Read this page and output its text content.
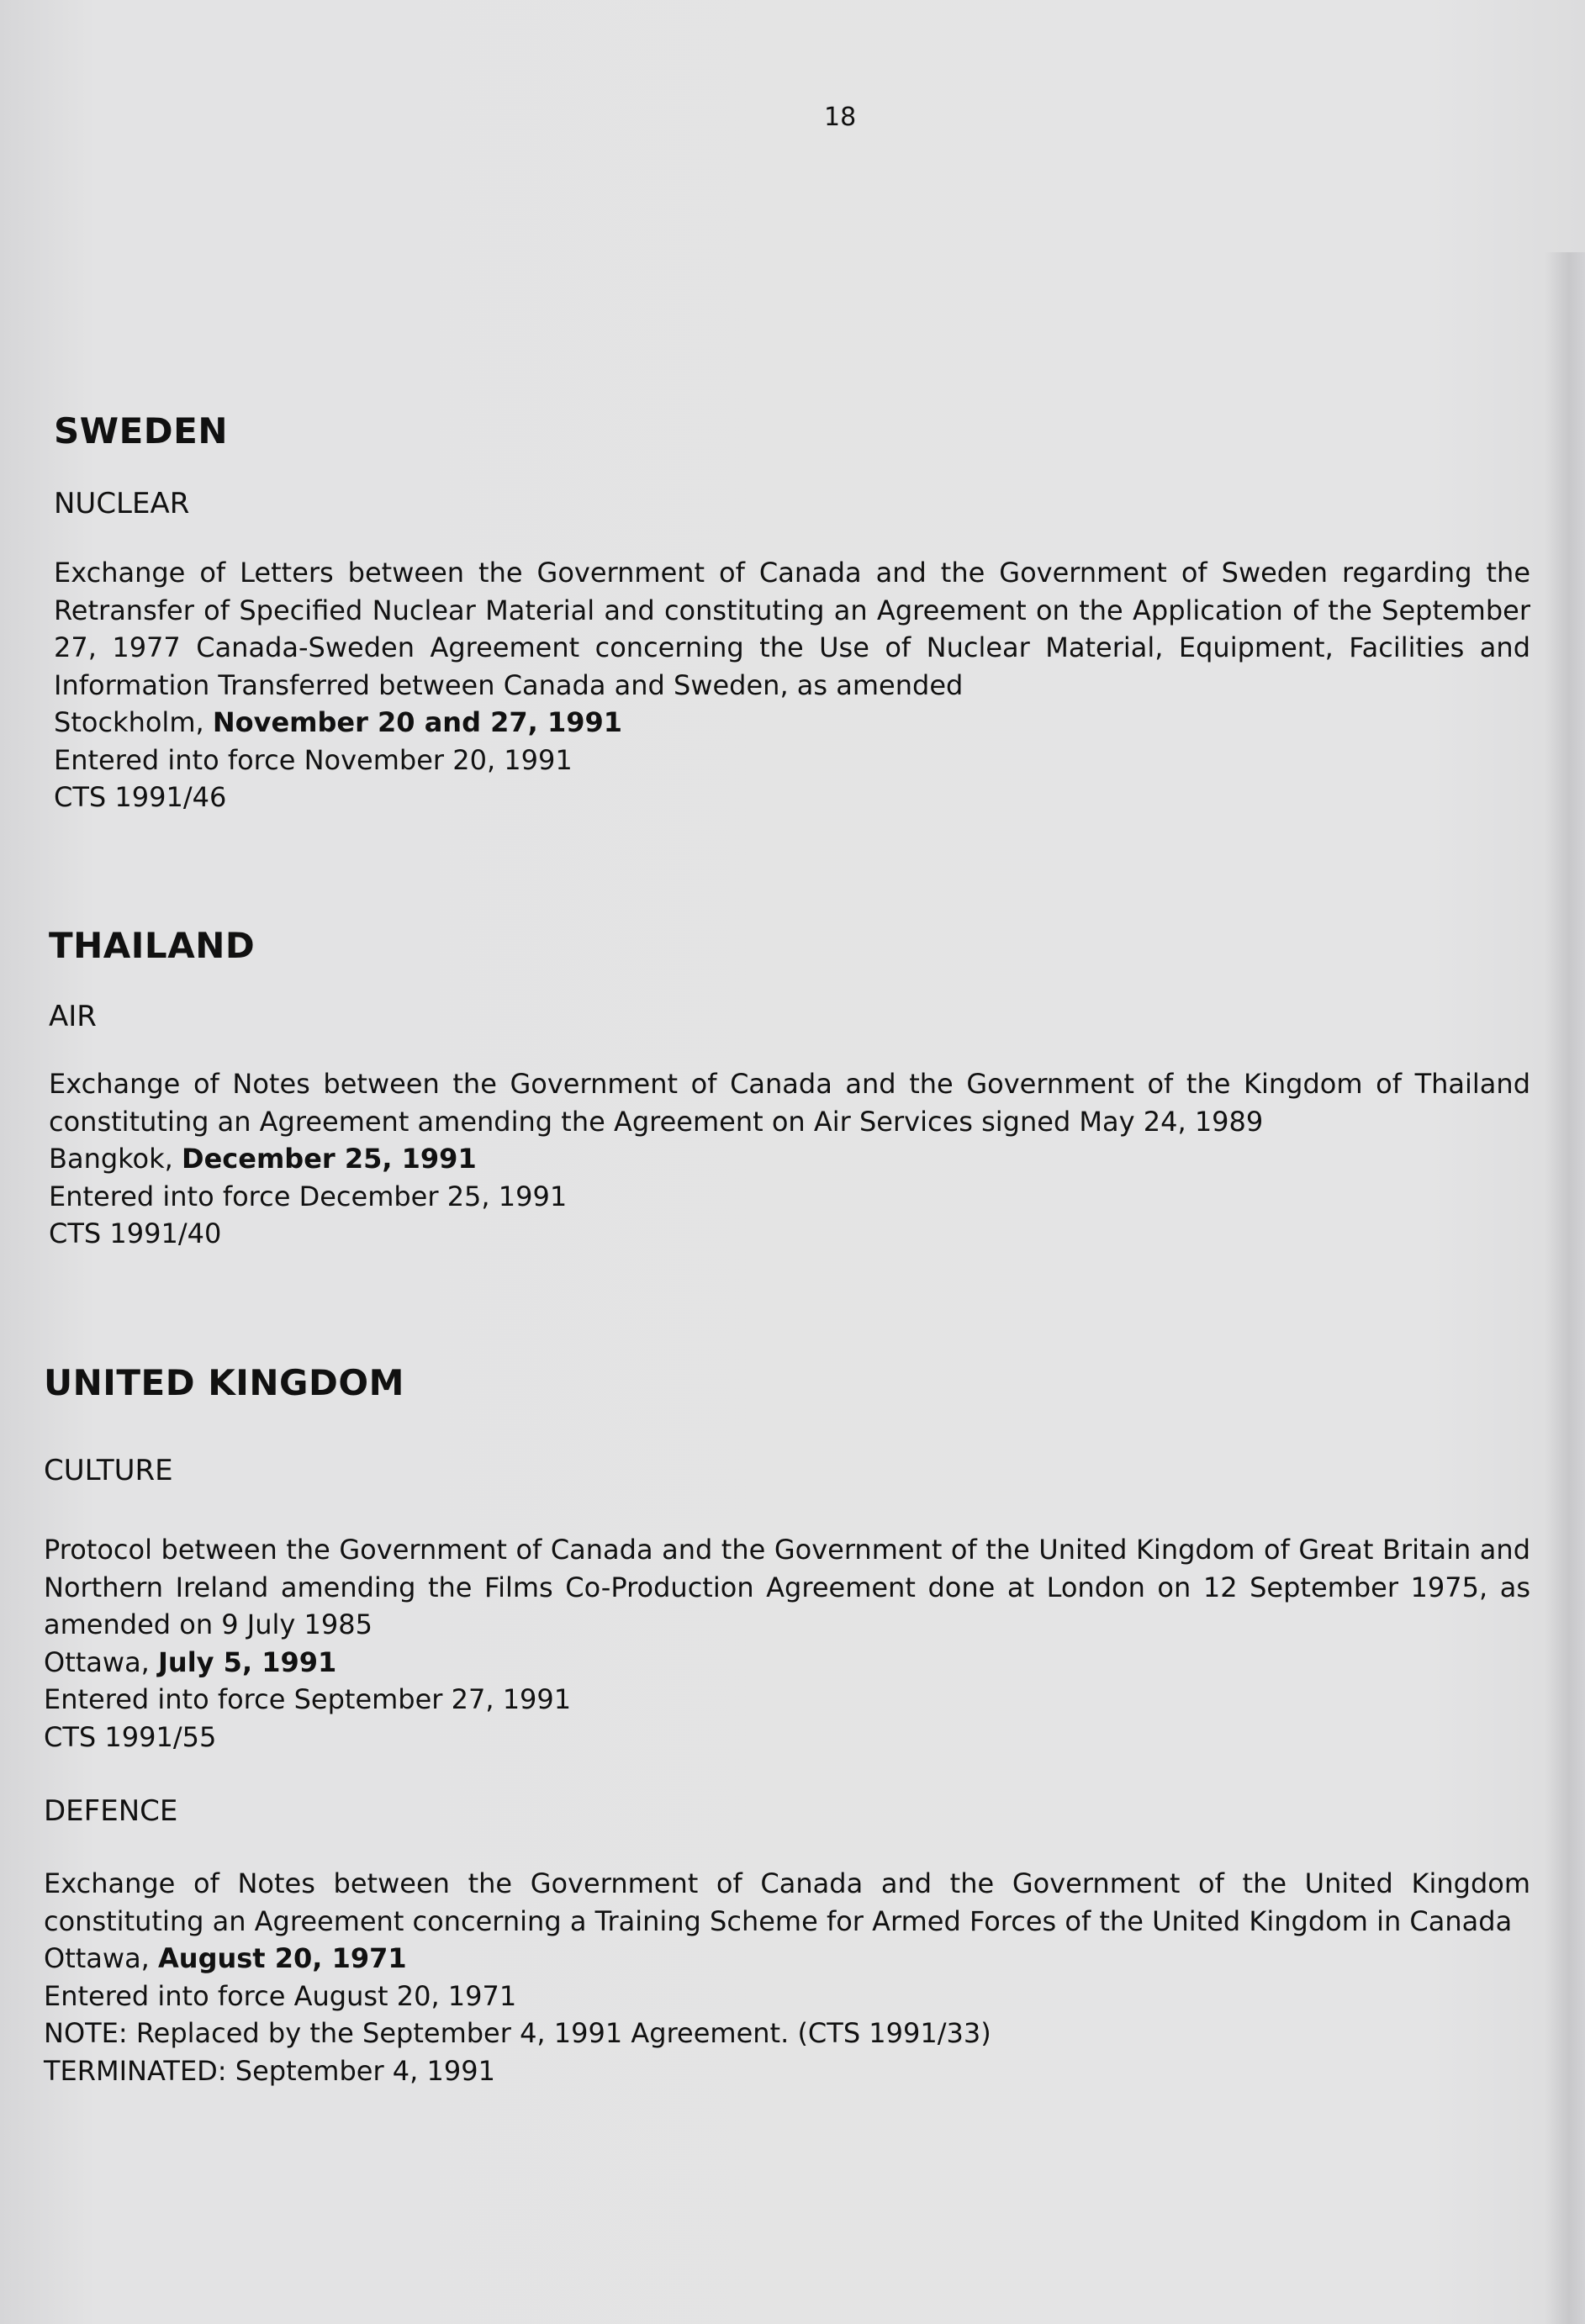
18
SWEDEN

NUCLEAR

Exchange of Letters between the Government of Canada and the Government of Sweden regarding the Retransfer of Specified Nuclear Material and constituting an Agreement on the Application of the September 27, 1977 Canada-Sweden Agreement concerning the Use of Nuclear Material, Equipment, Facilities and Information Transferred between Canada and Sweden, as amended
Stockholm, November 20 and 27, 1991
Entered into force November 20, 1991
CTS 1991/46
THAILAND

AIR

Exchange of Notes between the Government of Canada and the Government of the Kingdom of Thailand constituting an Agreement amending the Agreement on Air Services signed May 24, 1989
Bangkok, December 25, 1991
Entered into force December 25, 1991
CTS 1991/40
UNITED KINGDOM

CULTURE

Protocol between the Government of Canada and the Government of the United Kingdom of Great Britain and Northern Ireland amending the Films Co-Production Agreement done at London on 12 September 1975, as amended on 9 July 1985
Ottawa, July 5, 1991
Entered into force September 27, 1991
CTS 1991/55

DEFENCE

Exchange of Notes between the Government of Canada and the Government of the United Kingdom constituting an Agreement concerning a Training Scheme for Armed Forces of the United Kingdom in Canada
Ottawa, August 20, 1971
Entered into force August 20, 1971
NOTE: Replaced by the September 4, 1991 Agreement. (CTS 1991/33)
TERMINATED: September 4, 1991
